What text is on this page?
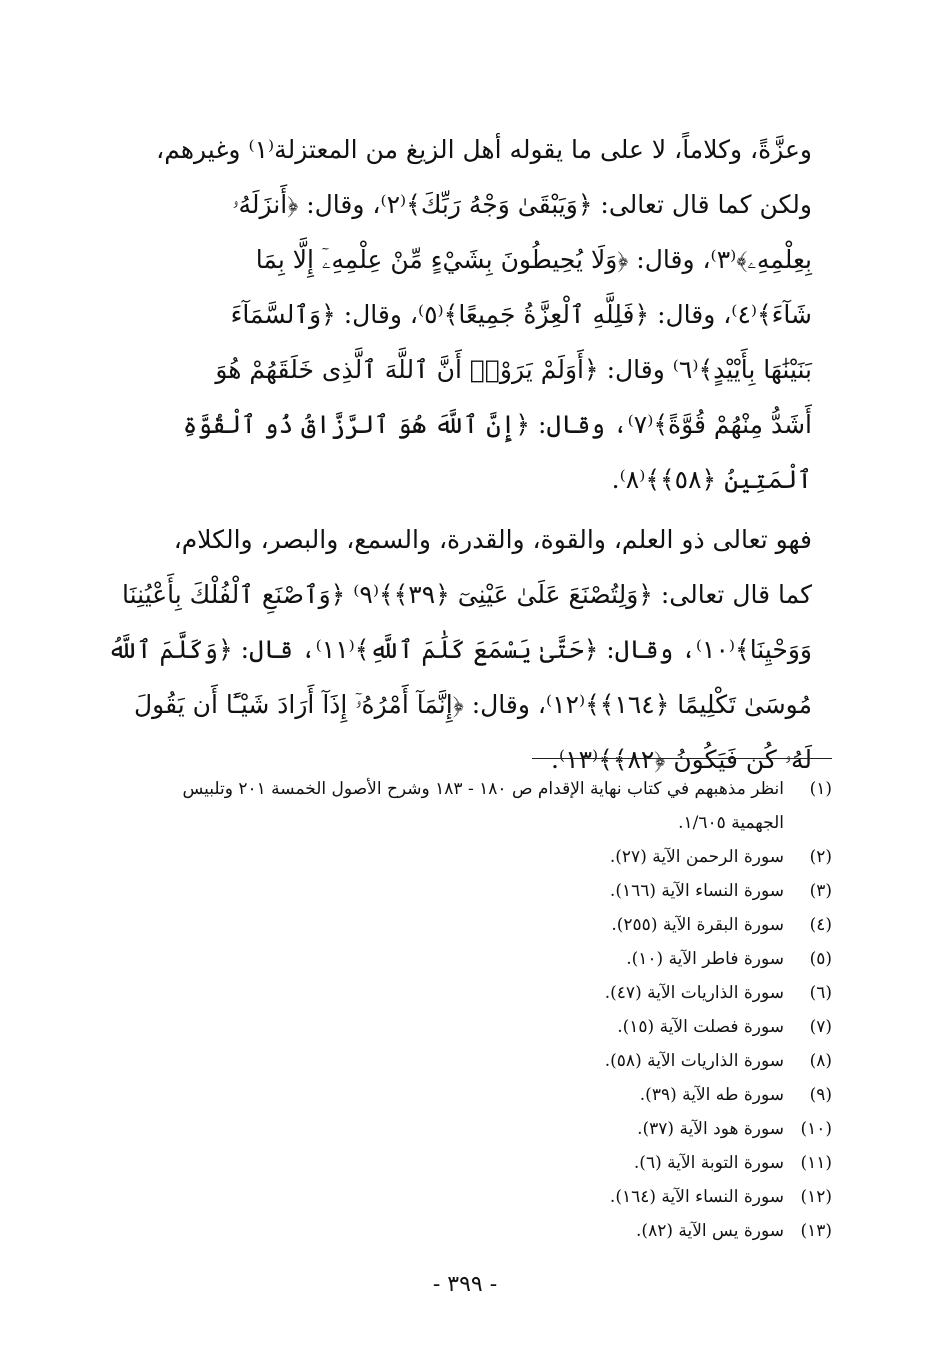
وعزَّةً، وكلاماً، لا على ما يقوله أهل الزيغ من المعتزلة⁽١⁾ وغيرهم،

ولكن كما قال تعالى: ﴿وَيَبْقَىٰ وَجْهُ رَبِّكَ﴾⁽٢⁾، وقال: ﴿أَنزَلَهُۥ

بِعِلْمِهِۦ﴾⁽٣⁾، وقال: ﴿وَلَا يُحِيطُونَ بِشَيْءٍ مِّنْ عِلْمِهِۦٓ إِلَّا بِمَا

شَآءَ﴾⁽٤⁾، وقال: ﴿فَلِلَّهِ ٱلْعِزَّةُ جَمِيعًا﴾⁽٥⁾، وقال: ﴿وَٱلسَّمَآءَ

بَنَيْنَٰهَا بِأَيْيْدٍ﴾⁽٦⁾ وقال: ﴿أَوَلَمْ يَرَوْا۟ أَنَّ ٱللَّهَ ٱلَّذِى خَلَقَهُمْ هُوَ

أَشَدُّ مِنْهُمْ قُوَّةً﴾⁽٧⁾، وقال: ﴿إِنَّ ٱللَّهَ هُوَ ٱلرَّزَّاقُ ذُو ٱلْقُوَّةِ

ٱلْمَتِينُ ﴿٥٨﴾﴾⁽٨⁾.

فهو تعالى ذو العلم، والقوة، والقدرة، والسمع، والبصر، والكلام،

كما قال تعالى: ﴿وَلِتُصْنَعَ عَلَىٰ عَيْنِىٓ ﴿٣٩﴾﴾⁽٩⁾ ﴿وَٱصْنَعِ ٱلْفُلْكَ بِأَعْيُنِنَا

وَوَحْيِنَا﴾⁽١٠⁾، وقال: ﴿حَتَّىٰ يَسْمَعَ كَلَٰمَ ٱللَّهِ﴾⁽١١⁾، قال: ﴿وَكَلَّمَ ٱللَّهُ

مُوسَىٰ تَكْلِيمًا ﴿١٦٤﴾﴾⁽١٢⁾، وقال: ﴿إِنَّمَآ أَمْرُهُۥٓ إِذَآ أَرَادَ شَيْـًٔا أَن يَقُولَ

لَهُۥ كُن فَيَكُونُ ﴿٨٢﴾﴾⁽١٣⁾.

(١)
انظر مذهبهم في كتاب نهاية الإقدام ص ١٨٠ - ١٨٣ وشرح الأصول الخمسة ٢٠١ وتلبيس
الجهمية ١/٦٠٥.
(٢)
سورة الرحمن الآية (٢٧).
(٣)
سورة النساء الآية (١٦٦).
(٤)
سورة البقرة الآية (٢٥٥).
(٥)
سورة فاطر الآية (١٠).
(٦)
سورة الذاريات الآية (٤٧).
(٧)
سورة فصلت الآية (١٥).
(٨)
سورة الذاريات الآية (٥٨).
(٩)
سورة طه الآية (٣٩).
(١٠)
سورة هود الآية (٣٧).
(١١)
سورة التوبة الآية (٦).
(١٢)
سورة النساء الآية (١٦٤).
(١٣)
سورة يس الآية (٨٢).
- ٣٩٩ -
